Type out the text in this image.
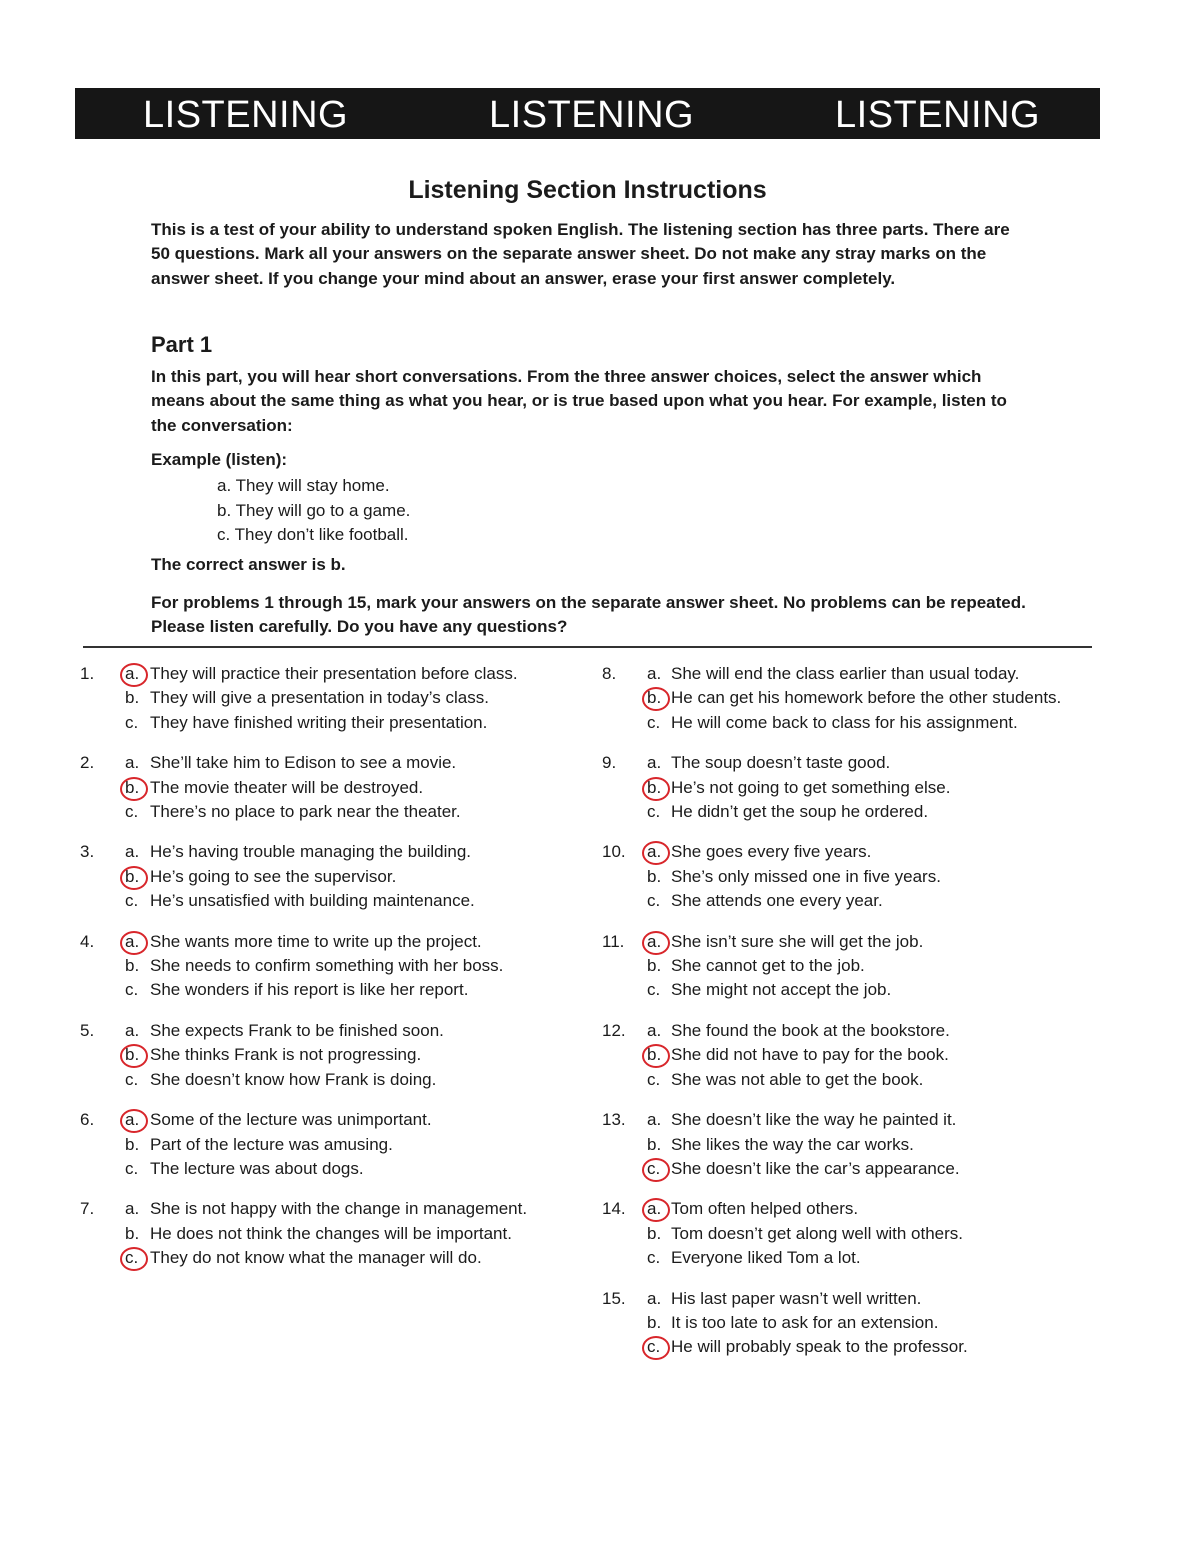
LISTENING	LISTENING	LISTENING
Listening Section Instructions
This is a test of your ability to understand spoken English. The listening section has three parts. There are 50 questions. Mark all your answers on the separate answer sheet. Do not make any stray marks on the answer sheet. If you change your mind about an answer, erase your first answer completely.
Part 1
In this part, you will hear short conversations. From the three answer choices, select the answer which means about the same thing as what you hear, or is true based upon what you hear. For example, listen to the conversation:
Example (listen):
a. They will stay home.
b. They will go to a game.
c. They don’t like football.
The correct answer is b.
For problems 1 through 15, mark your answers on the separate answer sheet. No problems can be repeated. Please listen carefully. Do you have any questions?
1. a. They will practice their presentation before class.
b. They will give a presentation in today’s class.
c. They have finished writing their presentation.
2. a. She’ll take him to Edison to see a movie.
b. The movie theater will be destroyed.
c. There’s no place to park near the theater.
3. a. He’s having trouble managing the building.
b. He’s going to see the supervisor.
c. He’s unsatisfied with building maintenance.
4. a. She wants more time to write up the project.
b. She needs to confirm something with her boss.
c. She wonders if his report is like her report.
5. a. She expects Frank to be finished soon.
b. She thinks Frank is not progressing.
c. She doesn’t know how Frank is doing.
6. a. Some of the lecture was unimportant.
b. Part of the lecture was amusing.
c. The lecture was about dogs.
7. a. She is not happy with the change in management.
b. He does not think the changes will be important.
c. They do not know what the manager will do.
8. a. She will end the class earlier than usual today.
b. He can get his homework before the other students.
c. He will come back to class for his assignment.
9. a. The soup doesn’t taste good.
b. He’s not going to get something else.
c. He didn’t get the soup he ordered.
10. a. She goes every five years.
b. She’s only missed one in five years.
c. She attends one every year.
11. a. She isn’t sure she will get the job.
b. She cannot get to the job.
c. She might not accept the job.
12. a. She found the book at the bookstore.
b. She did not have to pay for the book.
c. She was not able to get the book.
13. a. She doesn’t like the way he painted it.
b. She likes the way the car works.
c. She doesn’t like the car’s appearance.
14. a. Tom often helped others.
b. Tom doesn’t get along well with others.
c. Everyone liked Tom a lot.
15. a. His last paper wasn’t well written.
b. It is too late to ask for an extension.
c. He will probably speak to the professor.
